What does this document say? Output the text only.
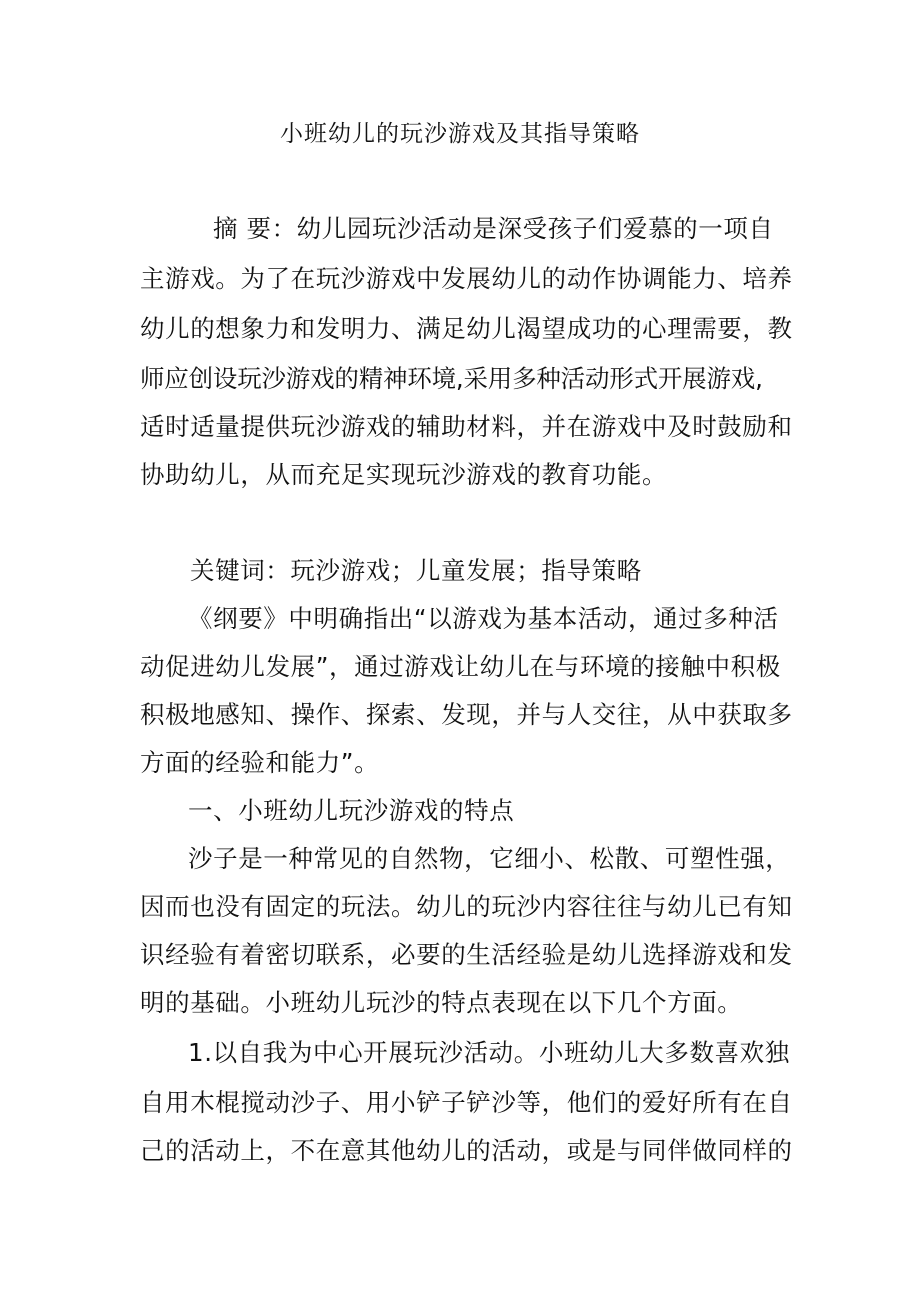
小班幼儿的玩沙游戏及其指导策略
摘 要：幼儿园玩沙活动是深受孩子们爱慕的一项自
主游戏。为了在玩沙游戏中发展幼儿的动作协调能力、培养
幼儿的想象力和发明力、满足幼儿渴望成功的心理需要，教
师应创设玩沙游戏的精神环境,采用多种活动形式开展游戏,
适时适量提供玩沙游戏的辅助材料，并在游戏中及时鼓励和
协助幼儿，从而充足实现玩沙游戏的教育功能。
关键词：玩沙游戏；儿童发展；指导策略
《纲要》中明确指出“以游戏为基本活动，通过多种活
动促进幼儿发展”，通过游戏让幼儿在与环境的接触中积极
积极地感知、操作、探索、发现，并与人交往，从中获取多
方面的经验和能力”。
一、小班幼儿玩沙游戏的特点
沙子是一种常见的自然物，它细小、松散、可塑性强，
因而也没有固定的玩法。幼儿的玩沙内容往往与幼儿已有知
识经验有着密切联系，必要的生活经验是幼儿选择游戏和发
明的基础。小班幼儿玩沙的特点表现在以下几个方面。
1.以自我为中心开展玩沙活动。小班幼儿大多数喜欢独
自用木棍搅动沙子、用小铲子铲沙等，他们的爱好所有在自
己的活动上，不在意其他幼儿的活动，或是与同伴做同样的
